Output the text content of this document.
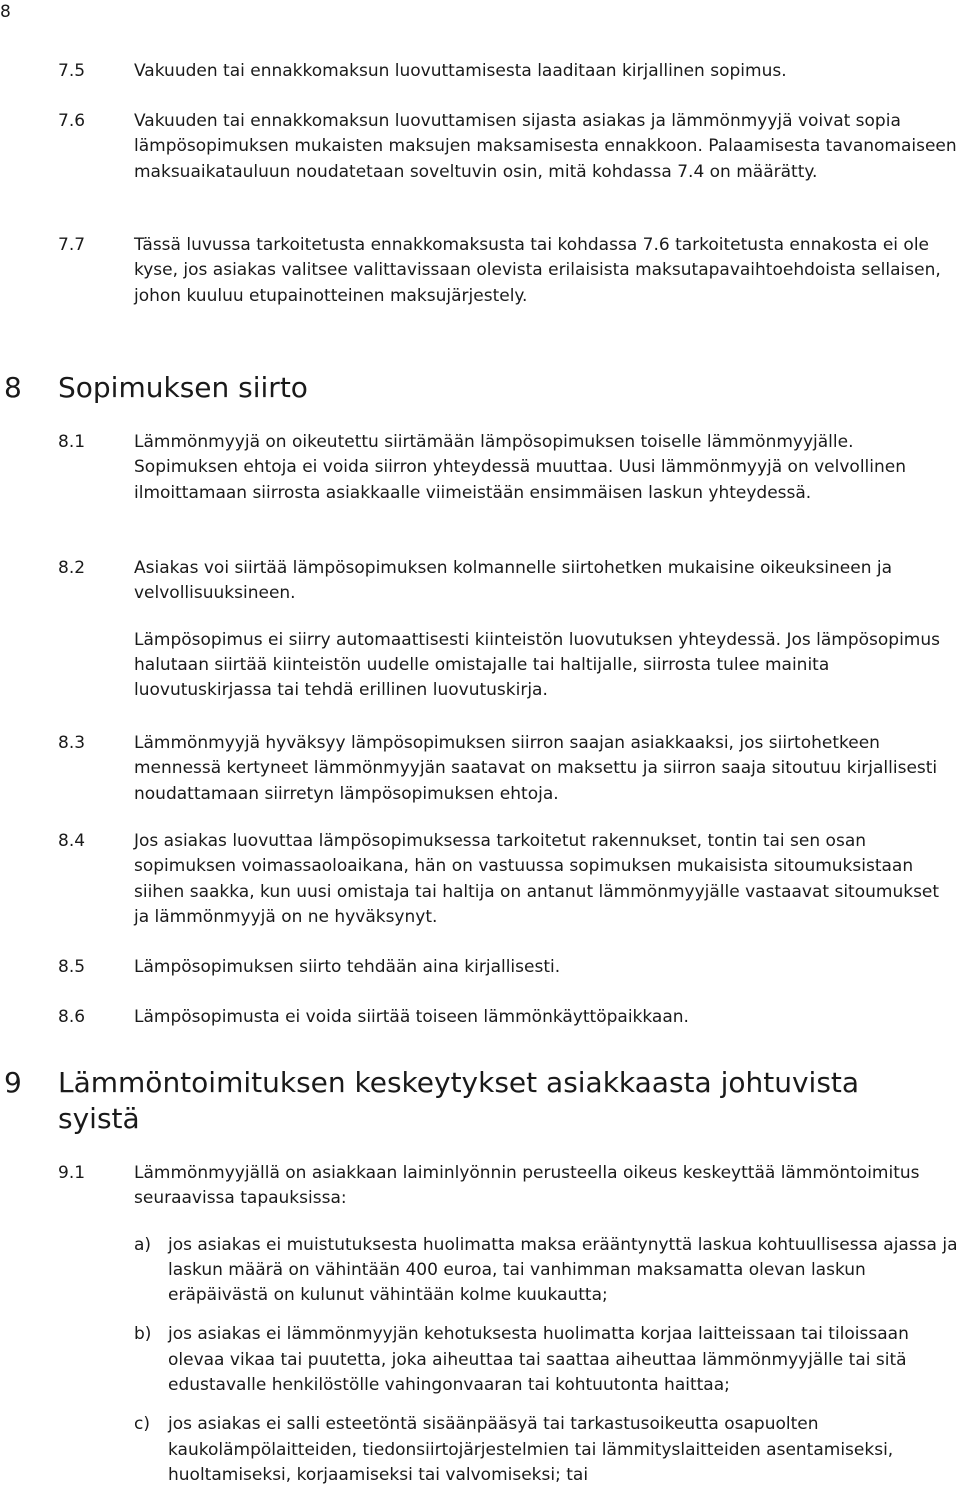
8
7.5	Vakuuden tai ennakkomaksun luovuttamisesta laaditaan kirjallinen sopimus.

7.6	Vakuuden tai ennakkomaksun luovuttamisen sijasta asiakas ja lämmönmyyjä voivat sopia lämpösopimuksen mukaisten maksujen maksamisesta ennakkoon. Palaamisesta tavanomaiseen maksuaikatauluun noudatetaan soveltuvin osin, mitä kohdassa 7.4 on määrätty.

7.7	Tässä luvussa tarkoitetusta ennakkomaksusta tai kohdassa 7.6 tarkoitetusta ennakosta ei ole kyse, jos asiakas valitsee valittavissaan olevista erilaisista maksutapavaihtoehdoista sellaisen, johon kuuluu etupainotteinen maksujärjestely.

8 Sopimuksen siirto
8.1	Lämmönmyyjä on oikeutettu siirtämään lämpösopimuksen toiselle lämmönmyyjälle. Sopimuksen ehtoja ei voida siirron yhteydessä muuttaa. Uusi lämmönmyyjä on velvollinen ilmoittamaan siirrosta asiakkaalle viimeistään ensimmäisen laskun yhteydessä.

8.2	Asiakas voi siirtää lämpösopimuksen kolmannelle siirtohetken mukaisine oikeuksineen ja velvollisuuksineen.

Lämpösopimus ei siirry automaattisesti kiinteistön luovutuksen yhteydessä. Jos lämpösopimus halutaan siirtää kiinteistön uudelle omistajalle tai haltijalle, siirrosta tulee mainita luovutuskirjassa tai tehdä erillinen luovutuskirja.

8.3	Lämmönmyyjä hyväksyy lämpösopimuksen siirron saajan asiakkaaksi, jos siirtohetkeen mennessä kertyneet lämmönmyyjän saatavat on maksettu ja siirron saaja sitoutuu kirjallisesti noudattamaan siirretyn lämpösopimuksen ehtoja.

8.4	Jos asiakas luovuttaa lämpösopimuksessa tarkoitetut rakennukset, tontin tai sen osan sopimuksen voimassaoloaikana, hän on vastuussa sopimuksen mukaisista sitoumuksistaan siihen saakka, kun uusi omistaja tai haltija on antanut lämmönmyyjälle vastaavat sitoumukset ja lämmönmyyjä on ne hyväksynyt.

8.5	Lämpösopimuksen siirto tehdään aina kirjallisesti.

8.6	Lämpösopimusta ei voida siirtää toiseen lämmönkäyttöpaikkaan.

9 Lämmöntoimituksen keskeytykset asiakkaasta johtuvista syistä
9.1	Lämmönmyyjällä on asiakkaan laiminlyönnin perusteella oikeus keskeyttää lämmöntoimitus seuraavissa tapauksissa:

a) jos asiakas ei muistutuksesta huolimatta maksa erääntynyttä laskua kohtuullisessa ajassa ja laskun määrä on vähintään 400 euroa, tai vanhimman maksamatta olevan laskun eräpäivästä on kulunut vähintään kolme kuukautta;
b) jos asiakas ei lämmönmyyjän kehotuksesta huolimatta korjaa laitteissaan tai tiloissaan olevaa vikaa tai puutetta, joka aiheuttaa tai saattaa aiheuttaa lämmönmyyjälle tai sitä edustavalle henkilöstölle vahingonvaaran tai kohtuutonta haittaa;
c) jos asiakas ei salli esteetöntä sisäänpääsyä tai tarkastusoikeutta osapuolten kaukolämpölaitteiden, tiedonsiirtojärjestelmien tai lämmityslaitteiden asentamiseksi, huoltamiseksi, korjaamiseksi tai valvomiseksi; tai
